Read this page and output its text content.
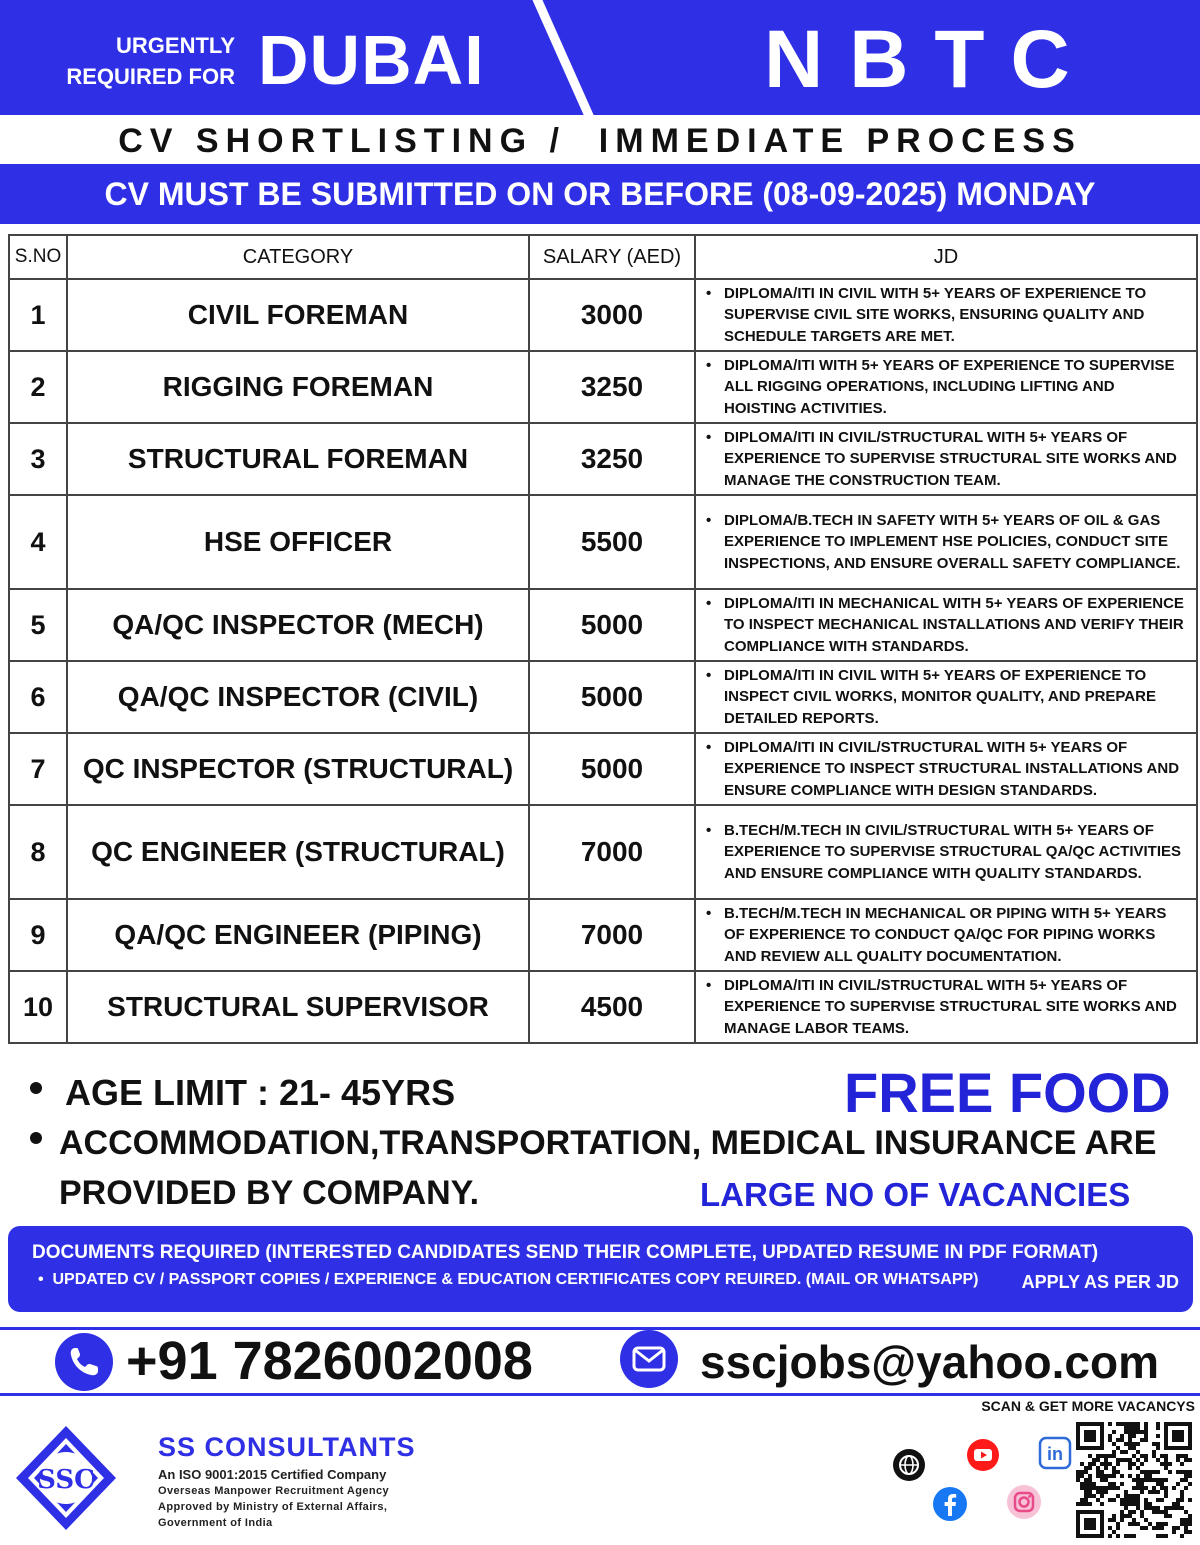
URGENTLY
REQUIRED FOR DUBAI	NBTC
CV SHORTLISTING /  IMMEDIATE PROCESS
CV MUST BE SUBMITTED ON OR BEFORE (08-09-2025) MONDAY
S.NO	CATEGORY	SALARY (AED)	JD
1	CIVIL FOREMAN	3000	• DIPLOMA/ITI IN CIVIL WITH 5+ YEARS OF EXPERIENCE TO SUPERVISE CIVIL SITE WORKS, ENSURING QUALITY AND SCHEDULE TARGETS ARE MET.

2	RIGGING FOREMAN	3250	• DIPLOMA/ITI WITH 5+ YEARS OF EXPERIENCE TO SUPERVISE ALL RIGGING OPERATIONS, INCLUDING LIFTING AND HOISTING ACTIVITIES.

3	STRUCTURAL FOREMAN	3250	• DIPLOMA/ITI IN CIVIL/STRUCTURAL WITH 5+ YEARS OF EXPERIENCE TO SUPERVISE STRUCTURAL SITE WORKS AND MANAGE THE CONSTRUCTION TEAM.

4	HSE OFFICER	5500	• DIPLOMA/B.TECH IN SAFETY WITH 5+ YEARS OF OIL & GAS EXPERIENCE TO IMPLEMENT HSE POLICIES, CONDUCT SITE INSPECTIONS, AND ENSURE OVERALL SAFETY COMPLIANCE.

5	QA/QC INSPECTOR (MECH)	5000	• DIPLOMA/ITI IN MECHANICAL WITH 5+ YEARS OF EXPERIENCE TO INSPECT MECHANICAL INSTALLATIONS AND VERIFY THEIR COMPLIANCE WITH STANDARDS.

6	QA/QC INSPECTOR (CIVIL)	5000	• DIPLOMA/ITI IN CIVIL WITH 5+ YEARS OF EXPERIENCE TO INSPECT CIVIL WORKS, MONITOR QUALITY, AND PREPARE DETAILED REPORTS.

7	QC INSPECTOR (STRUCTURAL)	5000	• DIPLOMA/ITI IN CIVIL/STRUCTURAL WITH 5+ YEARS OF EXPERIENCE TO INSPECT STRUCTURAL INSTALLATIONS AND ENSURE COMPLIANCE WITH DESIGN STANDARDS.

8	QC ENGINEER (STRUCTURAL)	7000	• B.TECH/M.TECH IN CIVIL/STRUCTURAL WITH 5+ YEARS OF EXPERIENCE TO SUPERVISE STRUCTURAL QA/QC ACTIVITIES AND ENSURE COMPLIANCE WITH QUALITY STANDARDS.

9	QA/QC ENGINEER (PIPING)	7000	• B.TECH/M.TECH IN MECHANICAL OR PIPING WITH 5+ YEARS OF EXPERIENCE TO CONDUCT QA/QC FOR PIPING WORKS AND REVIEW ALL QUALITY DOCUMENTATION.

10	STRUCTURAL SUPERVISOR	4500	• DIPLOMA/ITI IN CIVIL/STRUCTURAL WITH 5+ YEARS OF EXPERIENCE TO SUPERVISE STRUCTURAL SITE WORKS AND MANAGE LABOR TEAMS.
AGE LIMIT : 21- 45YRS
ACCOMMODATION,TRANSPORTATION, MEDICAL INSURANCE ARE
PROVIDED BY COMPANY.
FREE FOOD
LARGE NO OF VACANCIES
DOCUMENTS REQUIRED (INTERESTED CANDIDATES SEND THEIR COMPLETE, UPDATED RESUME IN PDF FORMAT)
•  UPDATED CV / PASSPORT COPIES / EXPERIENCE & EDUCATION CERTIFICATES COPY REUIRED. (MAIL OR WHATSAPP) APPLY AS PER JD
+91 7826002008	sscjobs@yahoo.com
SCAN & GET MORE VACANCYS
SSC
SS CONSULTANTS
An ISO 9001:2015 Certified Company
Overseas Manpower Recruitment Agency
Approved by Ministry of External Affairs,
Government of India
in
